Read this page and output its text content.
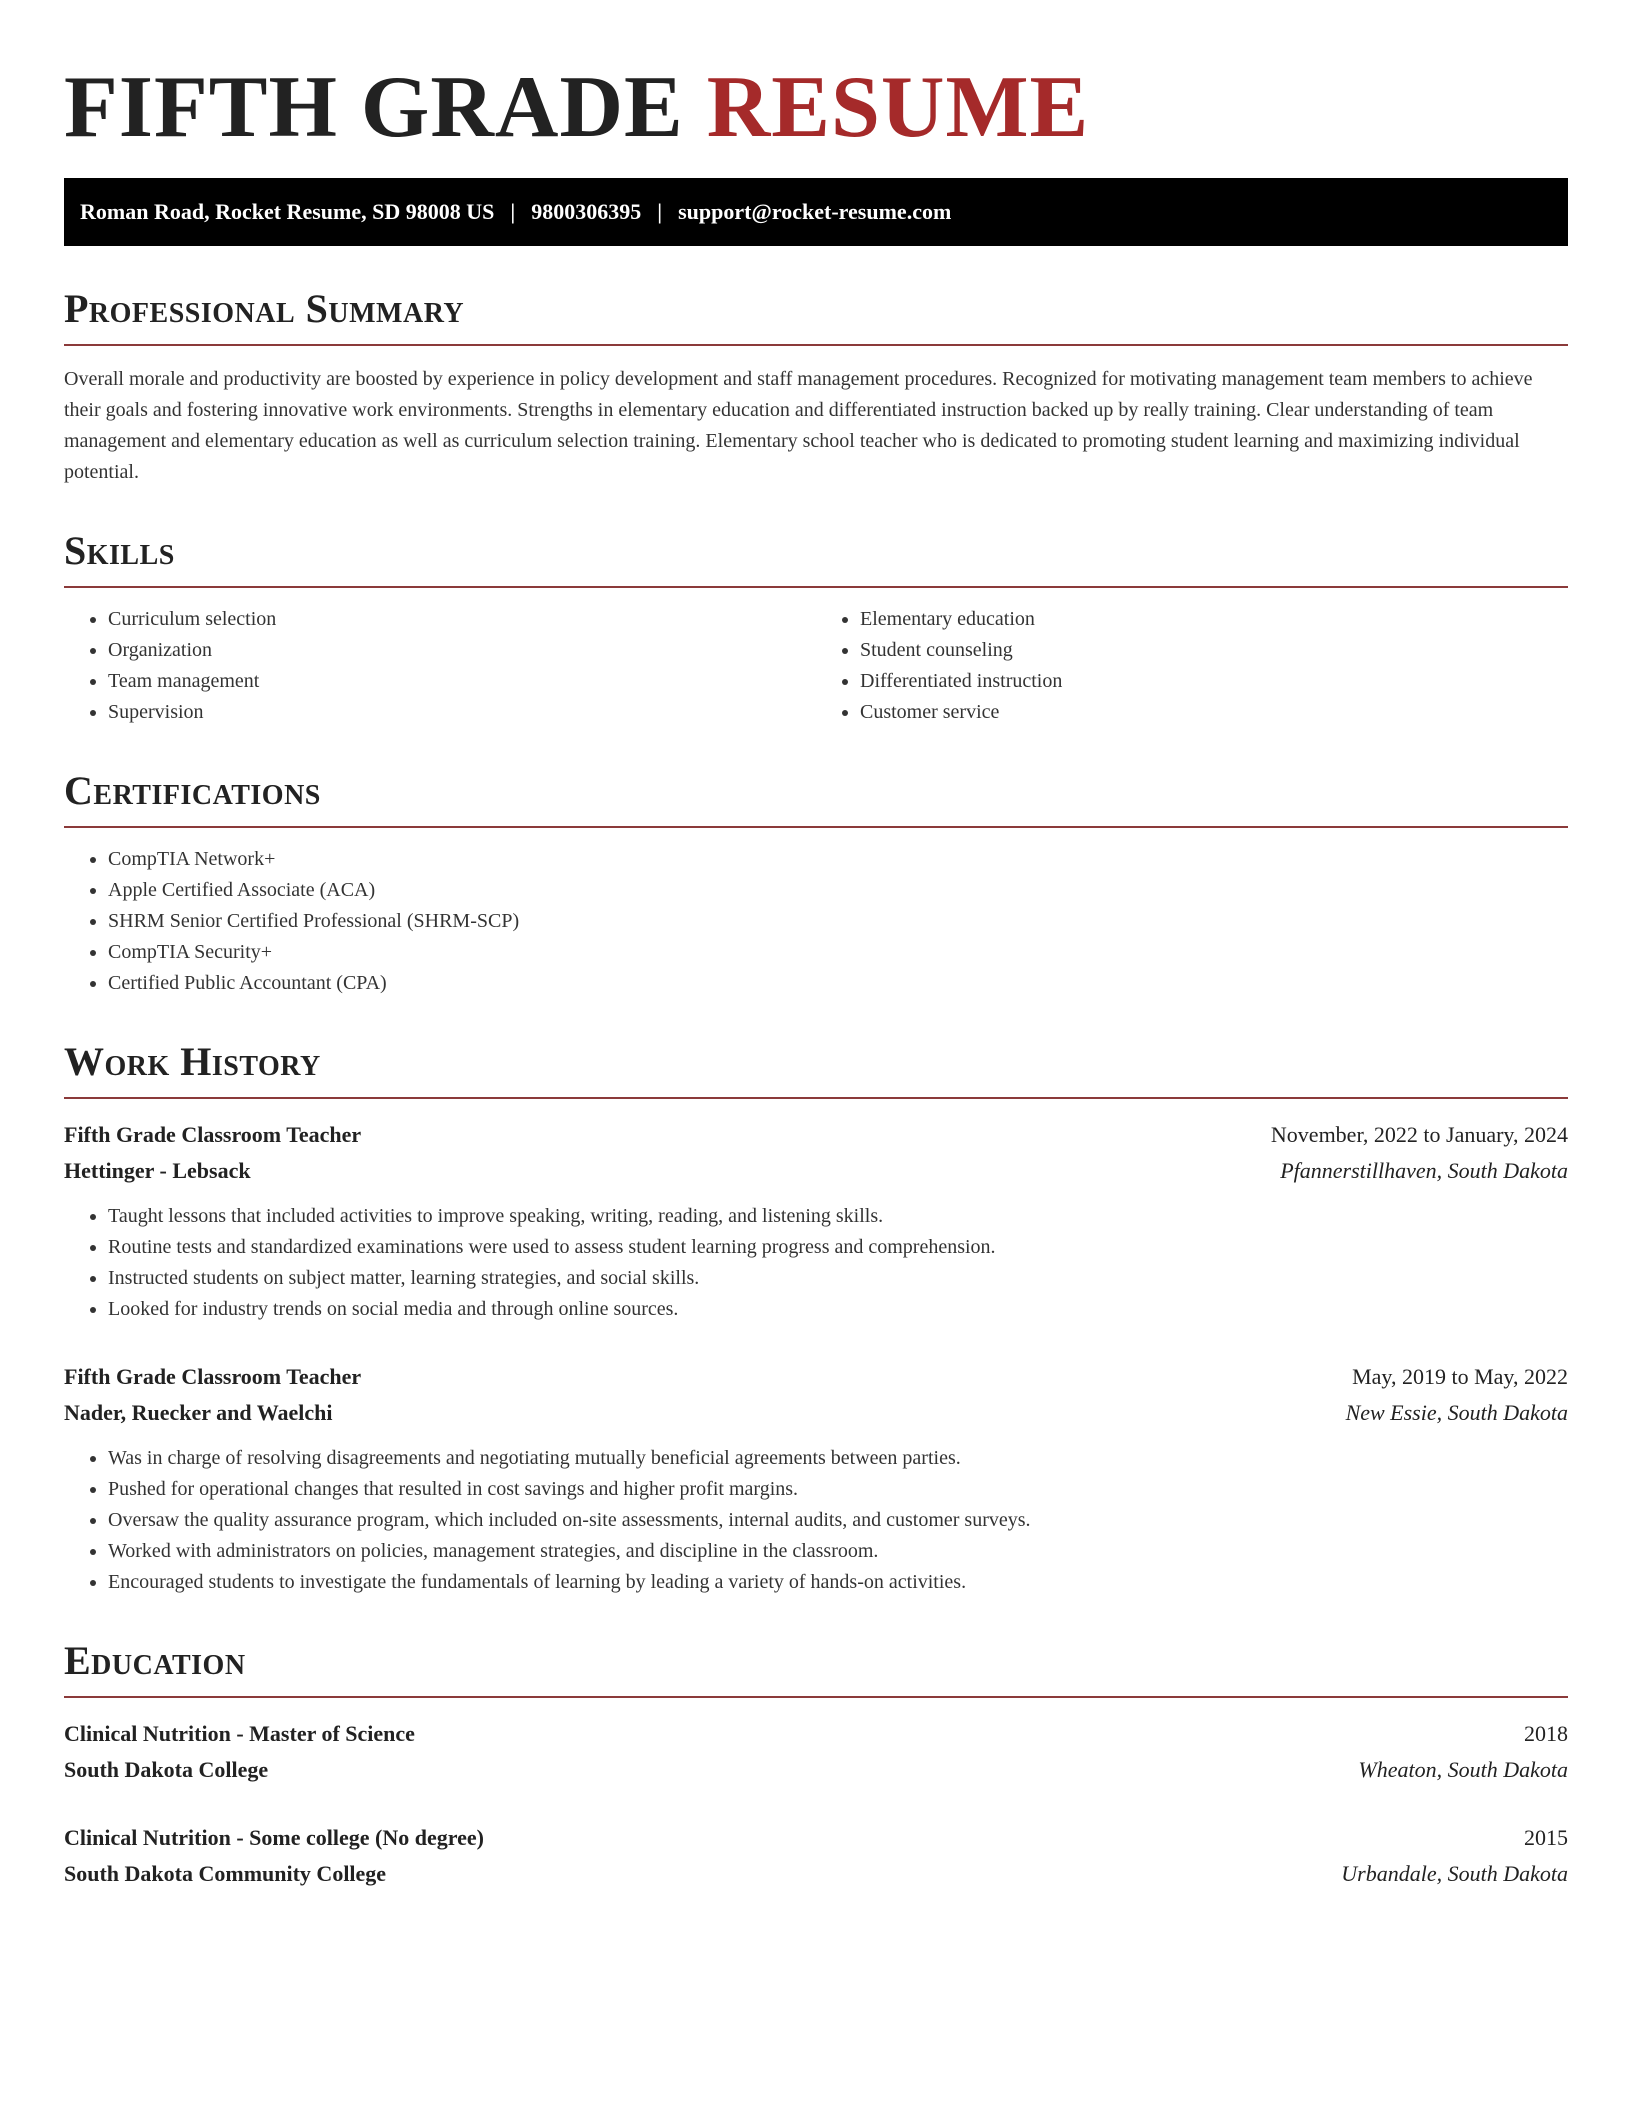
FIFTH GRADE RESUME
Roman Road, Rocket Resume, SD 98008 US | 9800306395 | support@rocket-resume.com
Professional Summary

Overall morale and productivity are boosted by experience in policy development and staff management procedures. Recognized for motivating management team members to achieve their goals and fostering innovative work environments. Strengths in elementary education and differentiated instruction backed up by really training. Clear understanding of team management and elementary education as well as curriculum selection training. Elementary school teacher who is dedicated to promoting student learning and maximizing individual potential.

Skills
• Curriculum selection
• Organization
• Team management
• Supervision
• Elementary education
• Student counseling
• Differentiated instruction
• Customer service
Certifications
• CompTIA Network+
• Apple Certified Associate (ACA)
• SHRM Senior Certified Professional (SHRM-SCP)
• CompTIA Security+
• Certified Public Accountant (CPA)
Work History
Fifth Grade Classroom Teacher	November, 2022 to January, 2024
Hettinger - Lebsack	Pfannerstillhaven, South Dakota
• Taught lessons that included activities to improve speaking, writing, reading, and listening skills.
• Routine tests and standardized examinations were used to assess student learning progress and comprehension.
• Instructed students on subject matter, learning strategies, and social skills.
• Looked for industry trends on social media and through online sources.
Fifth Grade Classroom Teacher	May, 2019 to May, 2022
Nader, Ruecker and Waelchi	New Essie, South Dakota
• Was in charge of resolving disagreements and negotiating mutually beneficial agreements between parties.
• Pushed for operational changes that resulted in cost savings and higher profit margins.
• Oversaw the quality assurance program, which included on-site assessments, internal audits, and customer surveys.
• Worked with administrators on policies, management strategies, and discipline in the classroom.
• Encouraged students to investigate the fundamentals of learning by leading a variety of hands-on activities.
Education
Clinical Nutrition - Master of Science	2018
South Dakota College	Wheaton, South Dakota
Clinical Nutrition - Some college (No degree)	2015
South Dakota Community College	Urbandale, South Dakota
